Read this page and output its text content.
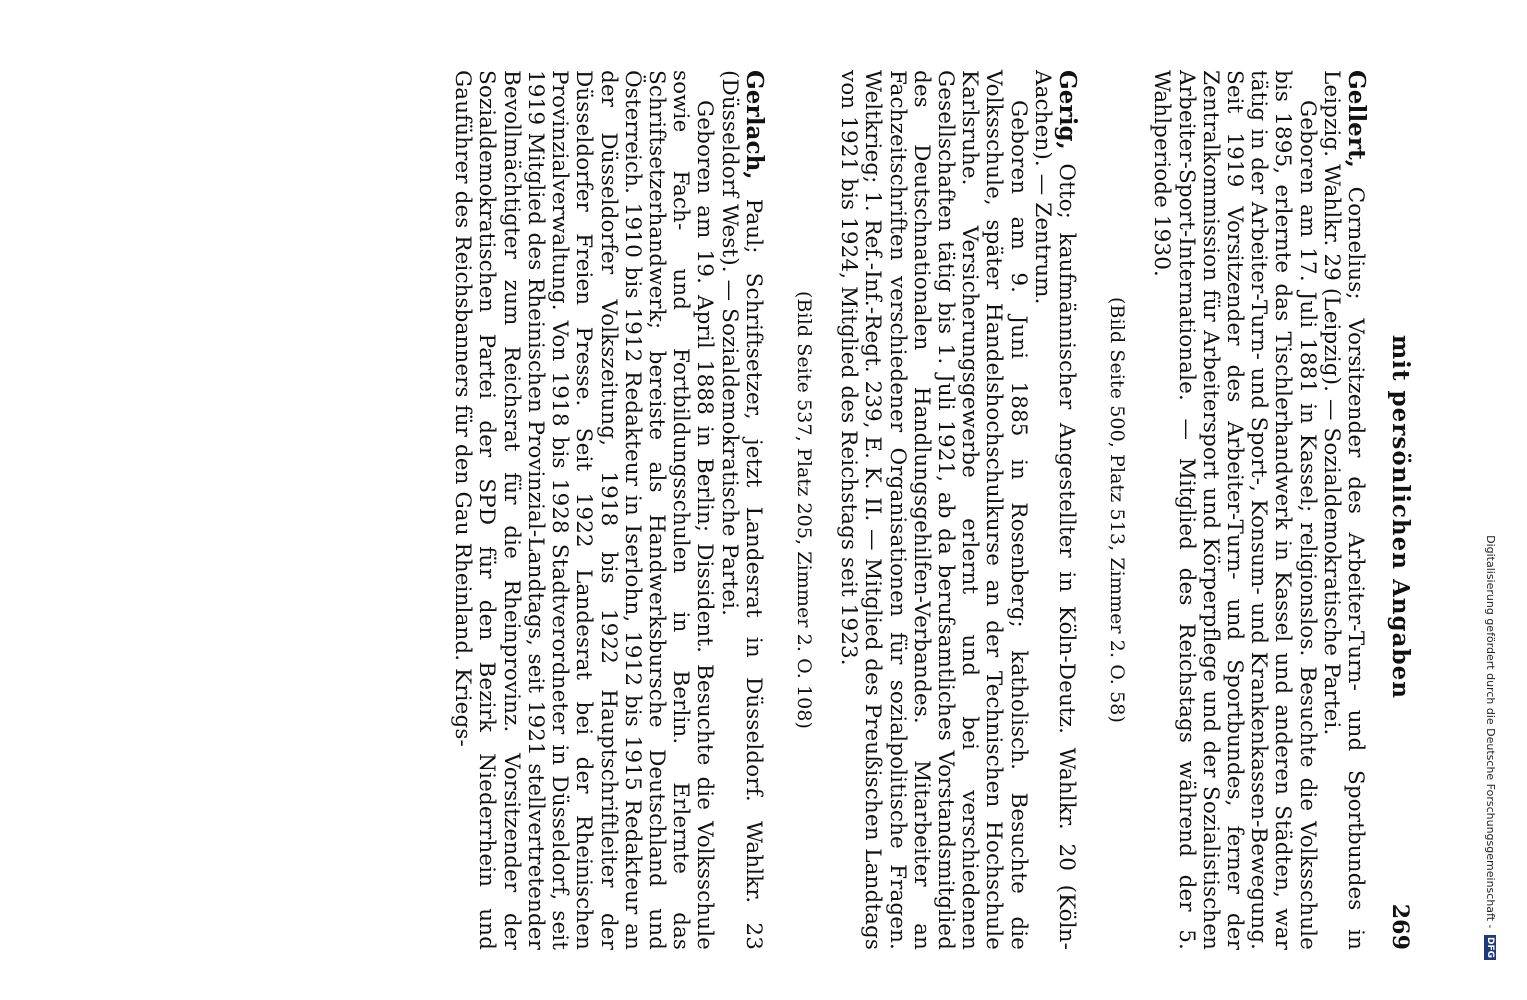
mit persönlichen Angaben
269

Gellert, Cornelius; Vorsitzender des Arbeiter-Turn- und Sportbundes in Leipzig. Wahlkr. 29 (Leipzig). — Sozialdemokratische Partei.

Geboren am 17. Juli 1881 in Kassel; religionslos. Besuchte die Volksschule bis 1895, erlernte das Tischlerhandwerk in Kassel und anderen Städten, war tätig in der Arbeiter-Turn- und Sport-, Konsum- und Krankenkassen-Bewegung. Seit 1919 Vorsitzender des Arbeiter-Turn- und Sportbundes, ferner der Zentralkommission für Arbeitersport und Körperpflege und der Sozialistischen Arbeiter-Sport-Internationale. — Mitglied des Reichstags während der 5. Wahlperiode 1930.

(Bild Seite 500, Platz 513, Zimmer 2. O. 58)

Gerig, Otto; kaufmännischer Angestellter in Köln-Deutz. Wahlkr. 20 (Köln-Aachen). — Zentrum.

Geboren am 9. Juni 1885 in Rosenberg; katholisch. Besuchte die Volksschule, später Handelshochschulkurse an der Technischen Hochschule Karlsruhe. Versicherungsgewerbe erlernt und bei verschiedenen Gesellschaften tätig bis 1. Juli 1921, ab da berufsamtliches Vorstandsmitglied des Deutschnationalen Handlungsgehilfen-Verbandes. Mitarbeiter an Fachzeitschriften verschiedener Organisationen für sozialpolitische Fragen. Weltkrieg; 1. Ref.-Inf.-Regt. 239, E. K. II. — Mitglied des Preußischen Landtags von 1921 bis 1924, Mitglied des Reichstags seit 1923.

(Bild Seite 537, Platz 205, Zimmer 2. O. 108)

Gerlach, Paul; Schriftsetzer, jetzt Landesrat in Düsseldorf. Wahlkr. 23 (Düsseldorf West). — Sozialdemokratische Partei.

Geboren am 19. April 1888 in Berlin; Dissident. Besuchte die Volksschule sowie Fach- und Fortbildungsschulen in Berlin. Erlernte das Schriftsetzerhandwerk; bereiste als Handwerksbursche Deutschland und Österreich. 1910 bis 1912 Redakteur in Iserlohn, 1912 bis 1915 Redakteur an der Düsseldorfer Volkszeitung, 1918 bis 1922 Hauptschriftleiter der Düsseldorfer Freien Presse. Seit 1922 Landesrat bei der Rheinischen Provinzialverwaltung. Von 1918 bis 1928 Stadtverordneter in Düsseldorf, seit 1919 Mitglied des Rheinischen Provinzial-Landtags, seit 1921 stellvertretender Bevollmächtigter zum Reichsrat für die Rheinprovinz. Vorsitzender der Sozialdemokratischen Partei der SPD für den Bezirk Niederrhein und Gauführer des Reichsbanners für den Gau Rheinland. Kriegs-	Digitalisierung gefördert durch die Deutsche Forschungsgemeinschaft - DFG
